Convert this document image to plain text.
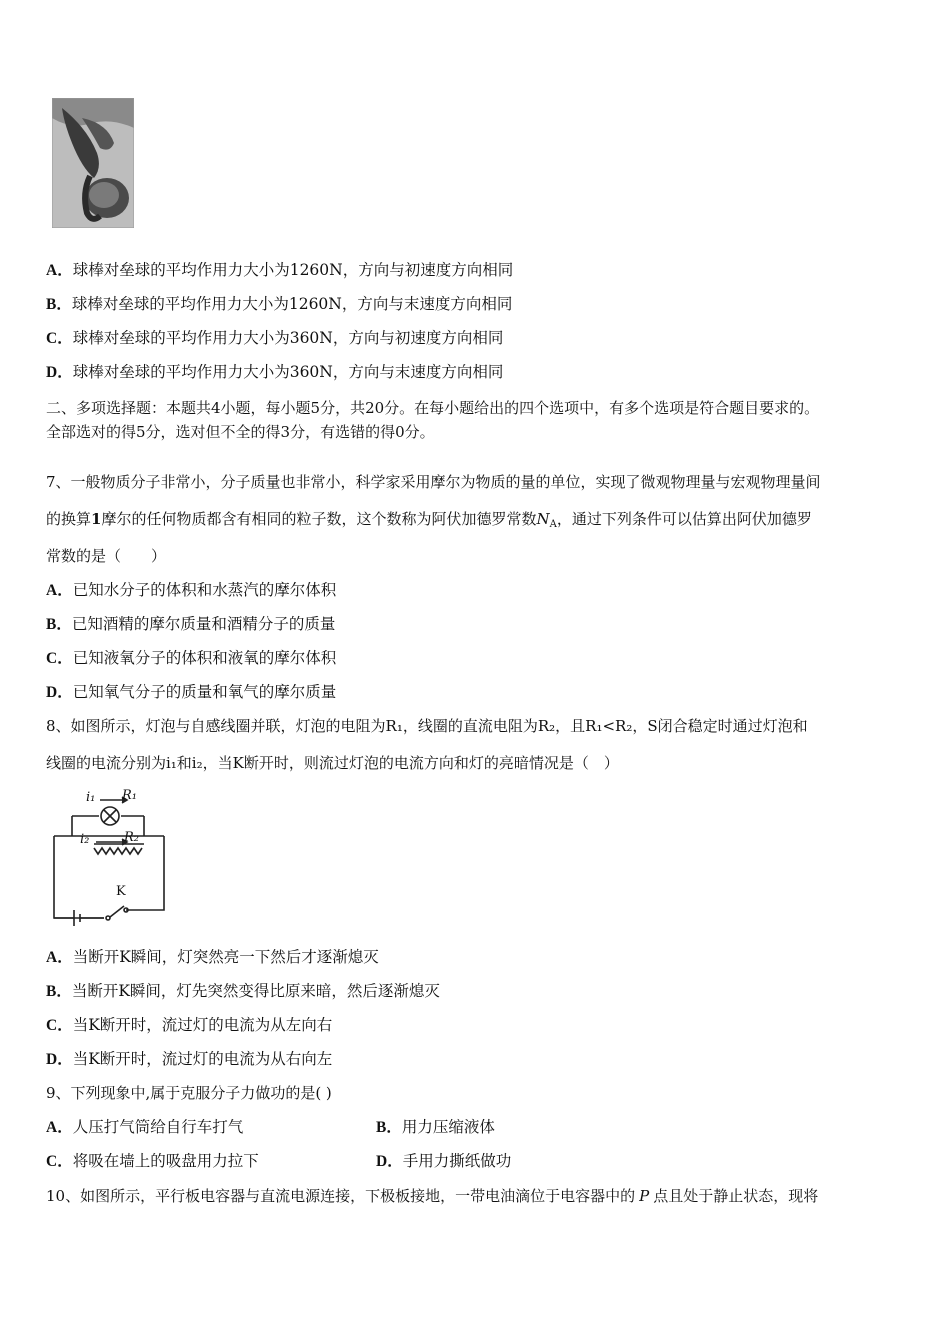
A．球棒对垒球的平均作用力大小为1260N，方向与初速度方向相同
B．球棒对垒球的平均作用力大小为1260N，方向与末速度方向相同
C．球棒对垒球的平均作用力大小为360N，方向与初速度方向相同
D．球棒对垒球的平均作用力大小为360N，方向与末速度方向相同
二、多项选择题：本题共4小题，每小题5分，共20分。在每小题给出的四个选项中，有多个选项是符合题目要求的。
全部选对的得5分，选对但不全的得3分，有选错的得0分。
7、一般物质分子非常小，分子质量也非常小，科学家采用摩尔为物质的量的单位，实现了微观物理量与宏观物理量间
的换算1摩尔的任何物质都含有相同的粒子数，这个数称为阿伏加德罗常数$N_A$，通过下列条件可以估算出阿伏加德罗
常数的是（　　）
A．已知水分子的体积和水蒸汽的摩尔体积
B．已知酒精的摩尔质量和酒精分子的质量
C．已知液氧分子的体积和液氧的摩尔体积
D．已知氧气分子的质量和氧气的摩尔质量
8、如图所示，灯泡与自感线圈并联，灯泡的电阻为R₁，线圈的直流电阻为R₂，且R₁<R₂，S闭合稳定时通过灯泡和
线圈的电流分别为i₁和i₂，当K断开时，则流过灯泡的电流方向和灯的亮暗情况是（　）
i₁ R₁
i₂	R₂
K
A．当断开K瞬间，灯突然亮一下然后才逐渐熄灭
B．当断开K瞬间，灯先突然变得比原来暗，然后逐渐熄灭
C．当K断开时，流过灯的电流为从左向右
D．当K断开时，流过灯的电流为从右向左
9、下列现象中,属于克服分子力做功的是( )
A．人压打气筒给自行车打气	B．用力压缩液体
C．将吸在墙上的吸盘用力拉下	D．手用力撕纸做功
10、如图所示，平行板电容器与直流电源连接，下极板接地，一带电油滴位于电容器中的 P 点且处于静止状态，现将
